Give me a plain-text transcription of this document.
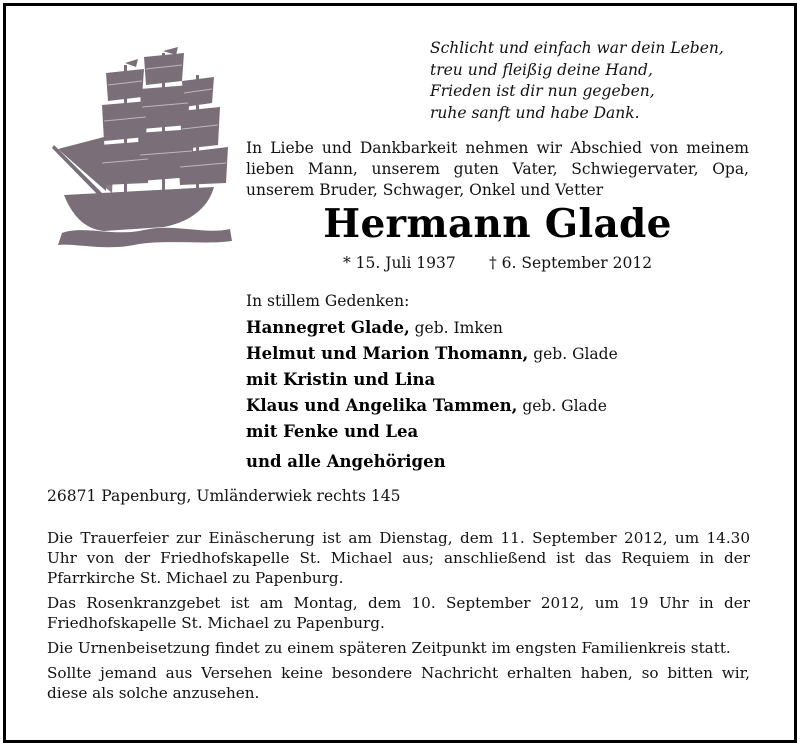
Schlicht und einfach war dein Leben,
treu und fleißig deine Hand,
Frieden ist dir nun gegeben,
ruhe sanft und habe Dank.
In Liebe und Dankbarkeit nehmen wir Abschied von meinem lieben Mann, unserem guten Vater, Schwiegervater, Opa, unserem Bruder, Schwager, Onkel und Vetter
Hermann Glade
* 15. Juli 1937 † 6. September 2012
In stillem Gedenken:
Hannegret Glade, geb. Imken
Helmut und Marion Thomann, geb. Glade
mit Kristin und Lina
Klaus und Angelika Tammen, geb. Glade
mit Fenke und Lea
und alle Angehörigen
26871 Papenburg, Umländerwiek rechts 145

Die Trauerfeier zur Einäscherung ist am Dienstag, dem 11. September 2012, um 14.30 Uhr von der Friedhofskapelle St. Michael aus; anschließend ist das Requiem in der Pfarrkirche St. Michael zu Papenburg.

Das Rosenkranzgebet ist am Montag, dem 10. September 2012, um 19 Uhr in der Friedhofskapelle St. Michael zu Papenburg.

Die Urnenbeisetzung findet zu einem späteren Zeitpunkt im engsten Familienkreis statt.

Sollte jemand aus Versehen keine besondere Nachricht erhalten haben, so bitten wir, diese als solche anzusehen.
